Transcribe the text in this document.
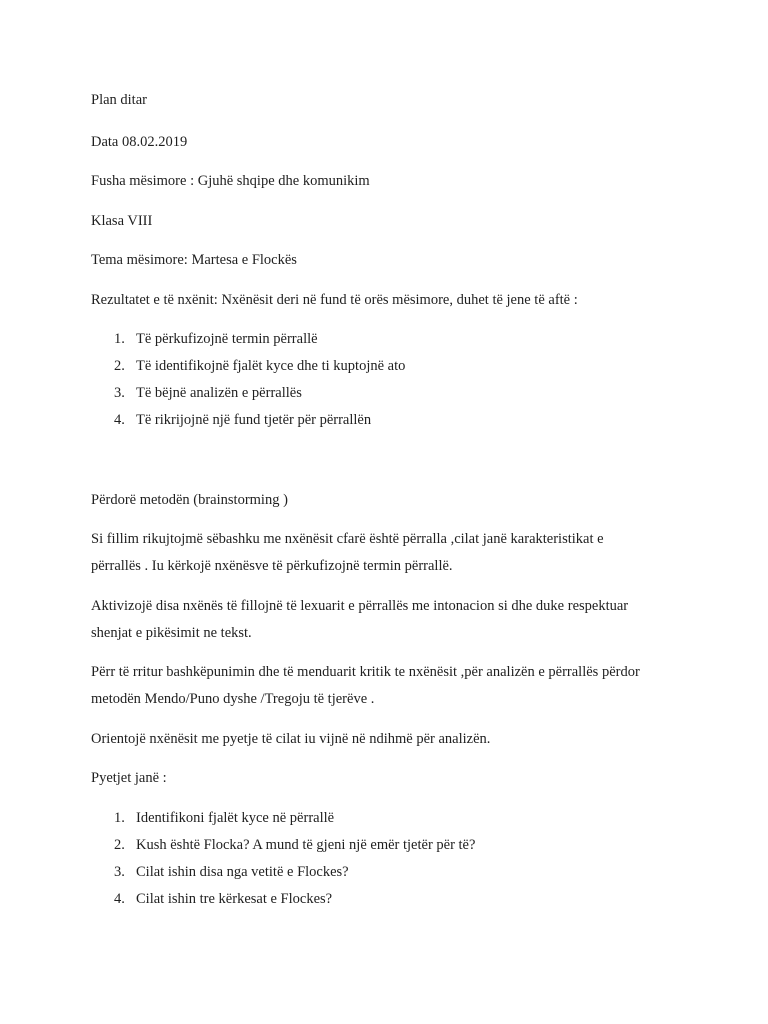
Plan ditar
Data 08.02.2019
Fusha mësimore : Gjuhë shqipe dhe komunikim
Klasa VIII
Tema mësimore: Martesa e Flockës
Rezultatet e të nxënit: Nxënësit deri në fund të orës mësimore, duhet të jene të aftë :
1. Të përkufizojnë termin përrallë
2. Të identifikojnë fjalët kyce dhe ti kuptojnë ato
3. Të bëjnë analizën e përrallës
4. Të rikrijojnë një fund tjetër për përrallën
Përdorë metodën (brainstorming )
Si fillim rikujtojmë sëbashku me nxënësit cfarë është përralla ,cilat janë karakteristikat e
përrallës . Iu kërkojë nxënësve të përkufizojnë termin përrallë.
Aktivizojë disa nxënës të fillojnë të lexuarit e përrallës me intonacion si dhe duke respektuar
shenjat e pikësimit ne tekst.
Përr të rritur bashkëpunimin dhe të menduarit kritik te nxënësit ,për analizën e përrallës përdor
metodën Mendo/Puno dyshe /Tregoju të tjerëve .
Orientojë nxënësit me pyetje të cilat iu vijnë në ndihmë për analizën.
Pyetjet janë :
1. Identifikoni fjalët kyce në përrallë
2. Kush është Flocka? A mund të gjeni një emër tjetër për të?
3. Cilat ishin disa nga vetitë e Flockes?
4. Cilat ishin tre kërkesat e Flockes?
